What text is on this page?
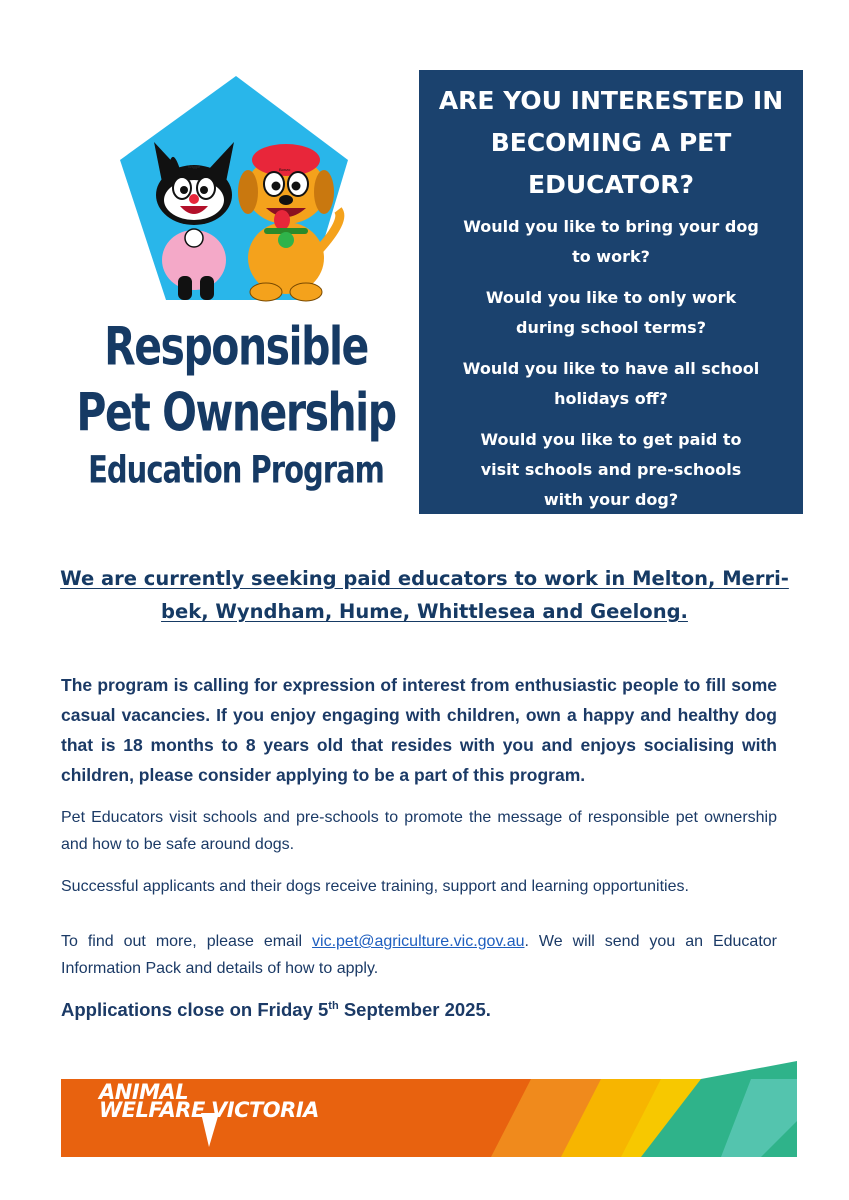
Responsible
Pet Ownership
Education Program
Wiggle
Bonzo
ARE YOU INTERESTED IN BECOMING A PET EDUCATOR?
Would you like to bring your dog to work?
Would you like to only work during school terms?
Would you like to have all school holidays off?
Would you like to get paid to visit schools and pre-schools with your dog?

We are currently seeking paid educators to work in Melton, Merri-bek, Wyndham, Hume, Whittlesea and Geelong.

The program is calling for expression of interest from enthusiastic people to fill some casual vacancies. If you enjoy engaging with children, own a happy and healthy dog that is 18 months to 8 years old that resides with you and enjoys socialising with children, please consider applying to be a part of this program.

Pet Educators visit schools and pre-schools to promote the message of responsible pet ownership and how to be safe around dogs.

Successful applicants and their dogs receive training, support and learning opportunities.

To find out more, please email vic.pet@agriculture.vic.gov.au. We will send you an Educator Information Pack and details of how to apply.

Applications close on Friday 5th September 2025.

ANIMAL
WELFARE VICTORIA
